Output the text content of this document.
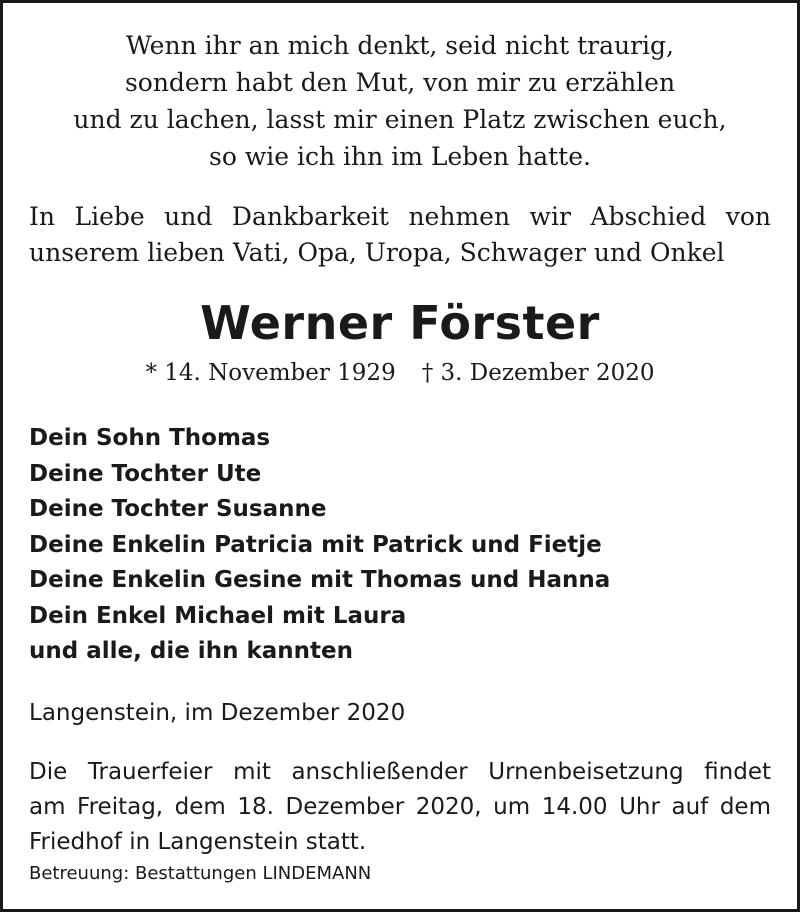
Wenn ihr an mich denkt, seid nicht traurig,
sondern habt den Mut, von mir zu erzählen
und zu lachen, lasst mir einen Platz zwischen euch,
so wie ich ihn im Leben hatte.
In Liebe und Dankbarkeit nehmen wir Abschied von
unserem lieben Vati, Opa, Uropa, Schwager und Onkel
Werner Förster
* 14. November 1929 † 3. Dezember 2020
Dein Sohn Thomas
Deine Tochter Ute
Deine Tochter Susanne
Deine Enkelin Patricia mit Patrick und Fietje
Deine Enkelin Gesine mit Thomas und Hanna
Dein Enkel Michael mit Laura
und alle, die ihn kannten
Langenstein, im Dezember 2020
Die Trauerfeier mit anschließender Urnenbeisetzung findet
am Freitag, dem 18. Dezember 2020, um 14.00 Uhr auf dem
Friedhof in Langenstein statt.
Betreuung: Bestattungen LINDEMANN
